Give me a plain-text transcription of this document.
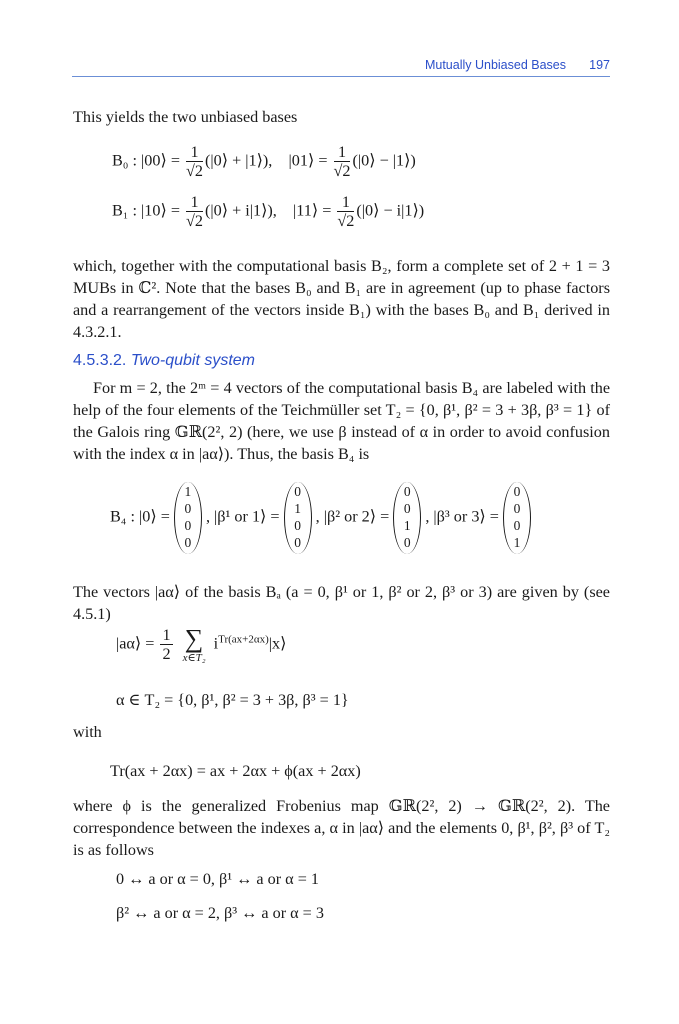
Mutually Unbiased Bases 197
This yields the two unbiased bases
B₀ : |00⟩ = $\frac{1}{√2}$ (|0⟩ + |1⟩), |01⟩ = $\frac{1}{√2}$ (|0⟩ − |1⟩)
B₁ : |10⟩ = $\frac{1}{√2}$ (|0⟩ + i|1⟩), |11⟩ = $\frac{1}{√2}$ (|0⟩ − i|1⟩)
which, together with the computational basis B₂, form a complete set of 2 + 1 = 3 MUBs in ℂ². Note that the bases B₀ and B₁ are in agreement (up to phase factors and a rearrangement of the vectors inside B₁) with the bases B₀ and B₁ derived in 4.3.2.1.
4.5.3.2. Two-qubit system
For m = 2, the 2ᵐ = 4 vectors of the computational basis B₄ are labeled with the help of the four elements of the Teichmüller set T₂ = {0, β¹, β² = 3 + 3β, β³ = 1} of the Galois ring 𝔾ℝ(2², 2) (here, we use β instead of α in order to avoid confusion with the index α in |aα⟩). Thus, the basis B₄ is
B₄ : |0⟩ =
1
0
0
0
, |β¹ or 1⟩ =
0
1
0
0
, |β² or 2⟩ =
0
0
1
0
, |β³ or 3⟩ =
0
0
0
1
The vectors |aα⟩ of the basis Bₐ (a = 0, β¹ or 1, β² or 2, β³ or 3) are given by (see 4.5.1)
|aα⟩ = $\frac{1}{2}$
∑
x∈T₂
$i^{Tr(ax+2\alpha x)}|x⟩$
α ∈ T₂ = {0, β¹, β² = 3 + 3β, β³ = 1}
with
Tr(ax + 2αx) = ax + 2αx + ϕ(ax + 2αx)
where ϕ is the generalized Frobenius map 𝔾ℝ(2², 2) → 𝔾ℝ(2², 2). The correspondence between the indexes a, α in |aα⟩ and the elements 0, β¹, β², β³ of T₂ is as follows
0 ↔ a or α = 0, β¹ ↔ a or α = 1
β² ↔ a or α = 2, β³ ↔ a or α = 3
